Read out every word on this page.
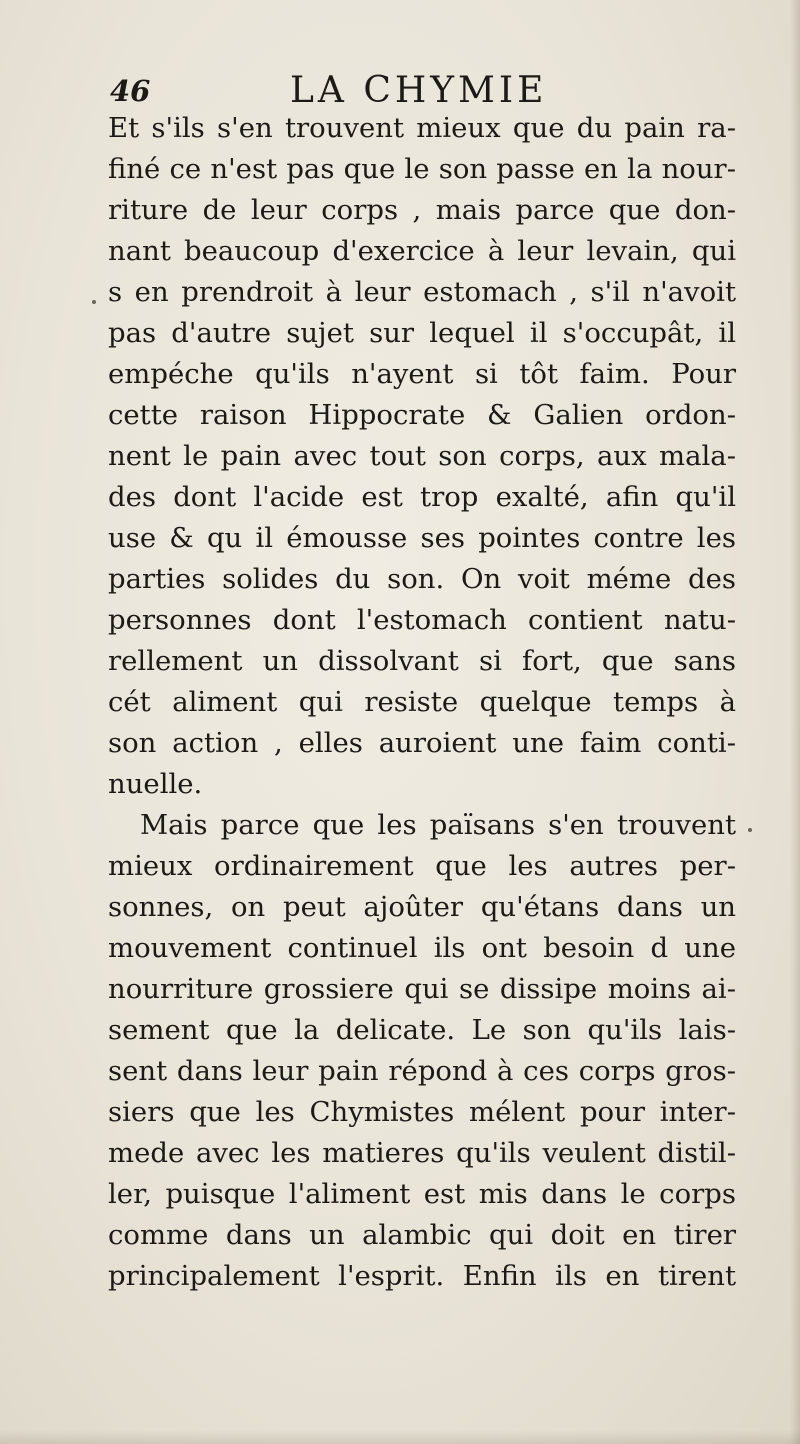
46	LA CHYMIE
Et s'ils s'en trouvent mieux que du pain ra-
finé ce n'est pas que le son passe en la nour-
riture de leur corps , mais parce que don-
nant beaucoup d'exercice à leur levain, qui
s en prendroit à leur estomach , s'il n'avoit
pas d'autre sujet sur lequel il s'occupât, il
empéche qu'ils n'ayent si tôt faim. Pour
cette raison Hippocrate & Galien ordon-
nent le pain avec tout son corps, aux mala-
des dont l'acide est trop exalté, afin qu'il
use & qu il émousse ses pointes contre les
parties solides du son. On voit méme des
personnes dont l'estomach contient natu-
rellement un dissolvant si fort, que sans
cét aliment qui resiste quelque temps à
son action , elles auroient une faim conti-
nuelle.
Mais parce que les païsans s'en trouvent
mieux ordinairement que les autres per-
sonnes, on peut ajoûter qu'étans dans un
mouvement continuel ils ont besoin d une
nourriture grossiere qui se dissipe moins ai-
sement que la delicate. Le son qu'ils lais-
sent dans leur pain répond à ces corps gros-
siers que les Chymistes mélent pour inter-
mede avec les matieres qu'ils veulent distil-
ler, puisque l'aliment est mis dans le corps
comme dans un alambic qui doit en tirer
principalement l'esprit. Enfin ils en tirent
